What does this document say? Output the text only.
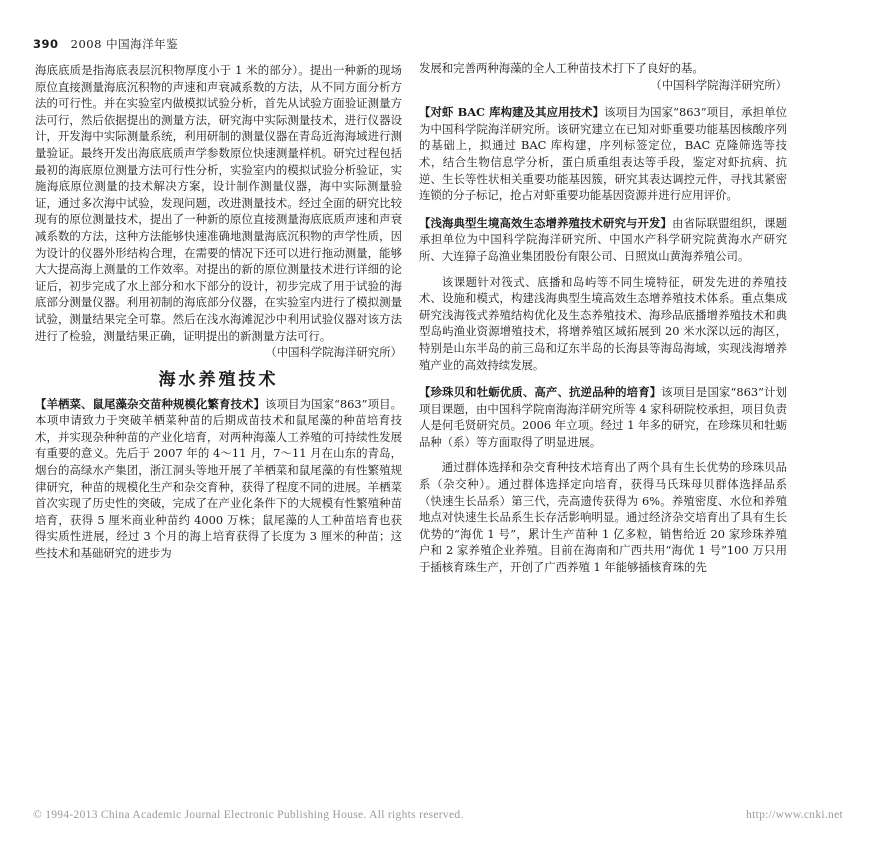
390 2008 中国海洋年鉴

海底底质是指海底表层沉积物厚度小于 1 米的部分）。提出一种新的现场原位直接测量海底沉积物的声速和声衰减系数的方法，从不同方面分析方法的可行性。并在实验室内做模拟试验分析，首先从试验方面验证测量方法可行，然后依据提出的测量方法，研究海中实际测量技术，进行仪器设计，开发海中实际测量系统，利用研制的测量仪器在青岛近海海域进行测量验证。最终开发出海底底质声学参数原位快速测量样机。研究过程包括最初的海底原位测量方法可行性分析，实验室内的模拟试验分析验证，实施海底原位测量的技术解决方案，设计制作测量仪器，海中实际测量验证，通过多次海中试验，发现问题，改进测量技术。经过全面的研究比较现有的原位测量技术，提出了一种新的原位直接测量海底底质声速和声衰减系数的方法，这种方法能够快速准确地测量海底沉积物的声学性质，因为设计的仪器外形结构合理，在需要的情况下还可以进行拖动测量，能够大大提高海上测量的工作效率。对提出的新的原位测量技术进行详细的论证后，初步完成了水上部分和水下部分的设计，初步完成了用于试验的海底部分测量仪器。利用初制的海底部分仪器，在实验室内进行了模拟测量试验，测量结果完全可靠。然后在浅水海滩泥沙中利用试验仪器对该方法进行了检验，测量结果正确，证明提出的新测量方法可行。

（中国科学院海洋研究所）

海水养殖技术

【羊栖菜、鼠尾藻杂交苗种规模化繁育技术】该项目为国家“863”项目。本项申请致力于突破羊栖菜种苗的后期成苗技术和鼠尾藻的种苗培育技术，并实现杂种种苗的产业化培育，对两种海藻人工养殖的可持续性发展有重要的意义。先后于 2007 年的 4～11 月，7～11 月在山东的青岛，烟台的高绿水产集团，浙江洞头等地开展了羊栖菜和鼠尾藻的有性繁殖规律研究，种苗的规模化生产和杂交育种，获得了程度不同的进展。羊栖菜首次实现了历史性的突破，完成了在产业化条件下的大规模有性繁殖种苗培育，获得 5 厘米商业种苗约 4000 万株；鼠尾藻的人工种苗培育也获得实质性进展，经过 3 个月的海上培育获得了长度为 3 厘米的种苗；这些技术和基础研究的进步为

发展和完善两种海藻的全人工种苗技术打下了良好的基。

（中国科学院海洋研究所）

【对虾 BAC 库构建及其应用技术】该项目为国家“863”项目，承担单位为中国科学院海洋研究所。该研究建立在已知对虾重要功能基因核酸序列的基础上，拟通过 BAC 库构建，序列标签定位，BAC 克隆筛选等技术，结合生物信息学分析，蛋白质重组表达等手段，鉴定对虾抗病、抗逆、生长等性状相关重要功能基因簇，研究其表达调控元件，寻找其紧密连锁的分子标记，抢占对虾重要功能基因资源并进行应用评价。

【浅海典型生境高效生态增养殖技术研究与开发】由省际联盟组织，课题承担单位为中国科学院海洋研究所、中国水产科学研究院黄海水产研究所、大连獐子岛渔业集团股份有限公司、日照岚山黄海养殖公司。

该课题针对筏式、底播和岛屿等不同生境特征，研发先进的养殖技术、设施和模式，构建浅海典型生境高效生态增养殖技术体系。重点集成研究浅海筏式养殖结构优化及生态养殖技术、海珍品底播增养殖技术和典型岛屿渔业资源增殖技术，将增养殖区域拓展到 20 米水深以远的海区，特别是山东半岛的前三岛和辽东半岛的长海县等海岛海域，实现浅海增养殖产业的高效持续发展。

【珍珠贝和牡蛎优质、高产、抗逆品种的培育】该项目是国家“863”计划项目课题，由中国科学院南海海洋研究所等 4 家科研院校承担，项目负责人是何毛贤研究员。2006 年立项。经过 1 年多的研究，在珍珠贝和牡蛎品种（系）等方面取得了明显进展。

通过群体选择和杂交育种技术培育出了两个具有生长优势的珍珠贝品系（杂交种）。通过群体选择定向培育，获得马氏珠母贝群体选择品系（快速生长品系）第三代，壳高遗传获得为 6%。养殖密度、水位和养殖地点对快速生长品系生长存活影响明显。通过经济杂交培育出了具有生长优势的“海优 1 号”，累计生产苗种 1 亿多粒，销售给近 20 家珍珠养殖户和 2 家养殖企业养殖。目前在海南和广西共用“海优 1 号”100 万只用于插核育珠生产，开创了广西养殖 1 年能够插核育珠的先

© 1994-2013 China Academic Journal Electronic Publishing House. All rights reserved.	http://www.cnki.net
